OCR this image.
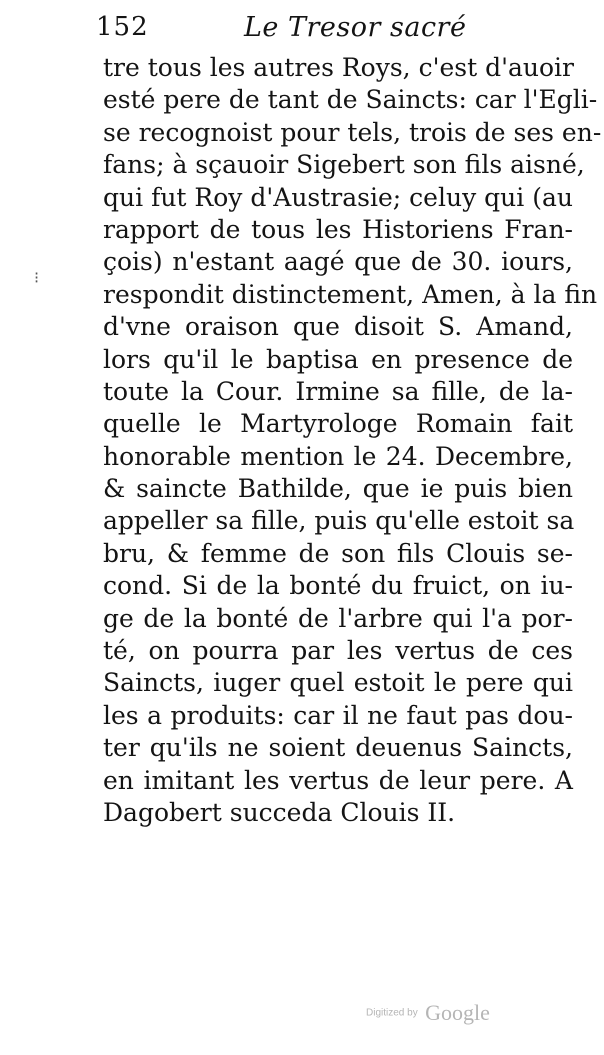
152	Le Tresor sacré
⁝
tre tous les autres Roys, c'est d'auoir
esté pere de tant de Saincts: car l'Egli-
se recognoist pour tels, trois de ses en-
fans; à sçauoir Sigebert son fils aisné,
qui fut Roy d'Austrasie; celuy qui (au
rapport de tous les Historiens Fran-
çois) n'estant aagé que de 30. iours,
respondit distinctement, Amen, à la fin
d'vne oraison que disoit S. Amand,
lors qu'il le baptisa en presence de
toute la Cour. Irmine sa fille, de la-
quelle le Martyrologe Romain fait
honorable mention le 24. Decembre,
& saincte Bathilde, que ie puis bien
appeller sa fille, puis qu'elle estoit sa
bru, & femme de son fils Clouis se-
cond. Si de la bonté du fruict, on iu-
ge de la bonté de l'arbre qui l'a por-
té, on pourra par les vertus de ces
Saincts, iuger quel estoit le pere qui
les a produits: car il ne faut pas dou-
ter qu'ils ne soient deuenus Saincts,
en imitant les vertus de leur pere. A
Dagobert succeda Clouis II.
Digitized by Google
